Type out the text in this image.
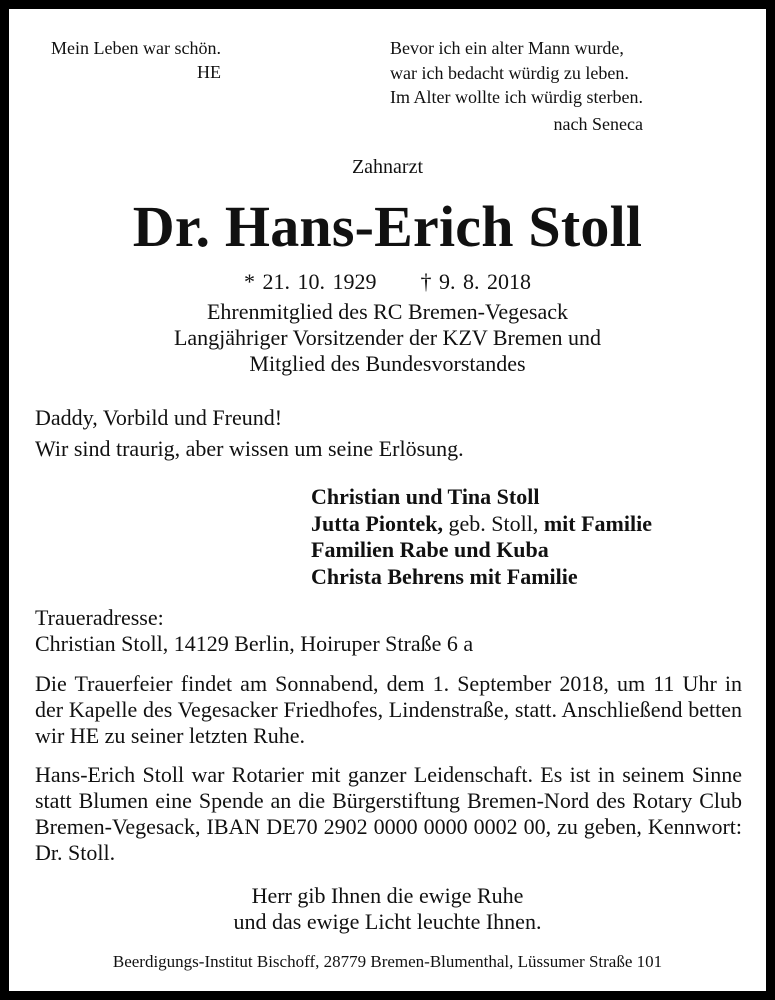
Mein Leben war schön.
HE
Bevor ich ein alter Mann wurde,
war ich bedacht würdig zu leben.
Im Alter wollte ich würdig sterben.
nach Seneca
Zahnarzt
Dr. Hans-Erich Stoll
* 21. 10. 1929 † 9. 8. 2018
Ehrenmitglied des RC Bremen-Vegesack
Langjähriger Vorsitzender der KZV Bremen und
Mitglied des Bundesvorstandes
Daddy, Vorbild und Freund!
Wir sind traurig, aber wissen um seine Erlösung.
Christian und Tina Stoll
Jutta Piontek, geb. Stoll, mit Familie
Familien Rabe und Kuba
Christa Behrens mit Familie
Traueradresse:
Christian Stoll, 14129 Berlin, Hoiruper Straße 6 a
Die Trauerfeier findet am Sonnabend, dem 1. September 2018, um 11 Uhr in der Kapelle des Vegesacker Friedhofes, Lindenstraße, statt. Anschließend betten wir HE zu seiner letzten Ruhe.
Hans-Erich Stoll war Rotarier mit ganzer Leidenschaft. Es ist in seinem Sinne statt Blumen eine Spende an die Bürgerstiftung Bremen-Nord des Rotary Club Bremen-Vegesack, IBAN DE70 2902 0000 0000 0002 00, zu geben, Kennwort: Dr. Stoll.
Herr gib Ihnen die ewige Ruhe
und das ewige Licht leuchte Ihnen.
Beerdigungs-Institut Bischoff, 28779 Bremen-Blumenthal, Lüssumer Straße 101
